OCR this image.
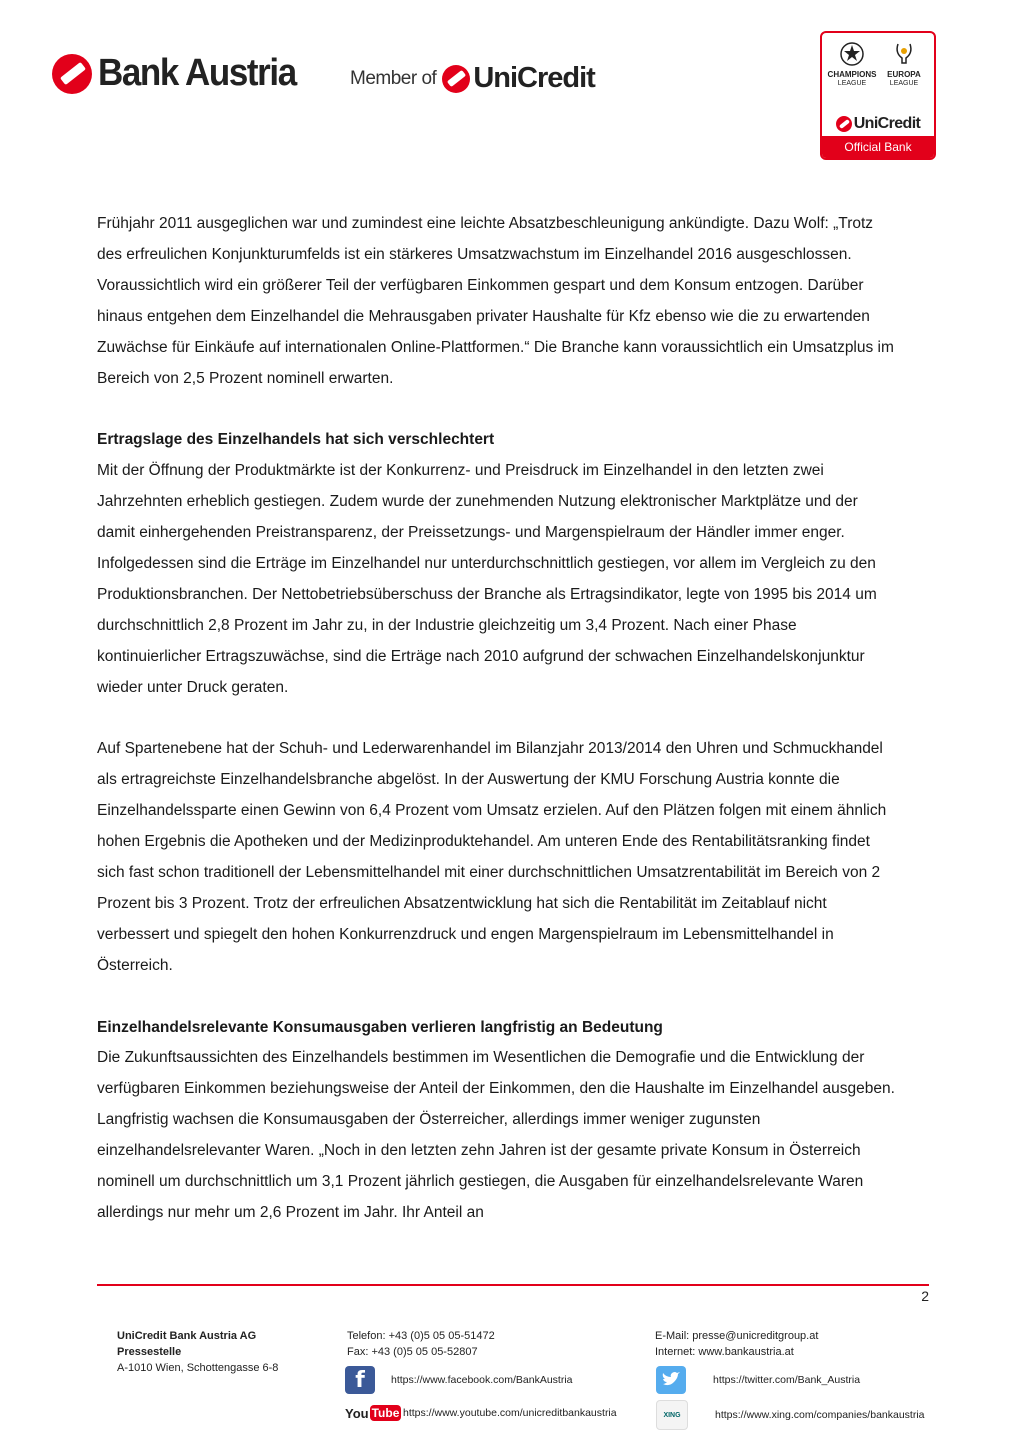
Bank Austria	Member of UniCredit	CHAMPIONS
LEAGUE
EUROPA
LEAGUE
UniCredit
Official Bank

Frühjahr 2011 ausgeglichen war und zumindest eine leichte Absatzbeschleunigung ankündigte. Dazu Wolf: „Trotz des erfreulichen Konjunkturumfelds ist ein stärkeres Umsatzwachstum im Einzelhandel 2016 ausgeschlossen. Voraussichtlich wird ein größerer Teil der verfügbaren Einkommen gespart und dem Konsum entzogen. Darüber hinaus entgehen dem Einzelhandel die Mehrausgaben privater Haushalte für Kfz ebenso wie die zu erwartenden Zuwächse für Einkäufe auf internationalen Online-Plattformen.“ Die Branche kann voraussichtlich ein Umsatzplus im Bereich von 2,5 Prozent nominell erwarten.

Ertragslage des Einzelhandels hat sich verschlechtert

Mit der Öffnung der Produktmärkte ist der Konkurrenz- und Preisdruck im Einzelhandel in den letzten zwei Jahrzehnten erheblich gestiegen. Zudem wurde der zunehmenden Nutzung elektronischer Marktplätze und der damit einhergehenden Preistransparenz, der Preissetzungs- und Margenspielraum der Händler immer enger. Infolgedessen sind die Erträge im Einzelhandel nur unterdurchschnittlich gestiegen, vor allem im Vergleich zu den Produktionsbranchen. Der Nettobetriebsüberschuss der Branche als Ertragsindikator, legte von 1995 bis 2014 um durchschnittlich 2,8 Prozent im Jahr zu, in der Industrie gleichzeitig um 3,4 Prozent. Nach einer Phase kontinuierlicher Ertragszuwächse, sind die Erträge nach 2010 aufgrund der schwachen Einzelhandelskonjunktur wieder unter Druck geraten.

Auf Spartenebene hat der Schuh- und Lederwarenhandel im Bilanzjahr 2013/2014 den Uhren und Schmuckhandel als ertragreichste Einzelhandelsbranche abgelöst. In der Auswertung der KMU Forschung Austria konnte die Einzelhandelssparte einen Gewinn von 6,4 Prozent vom Umsatz erzielen. Auf den Plätzen folgen mit einem ähnlich hohen Ergebnis die Apotheken und der Medizinproduktehandel. Am unteren Ende des Rentabilitätsranking findet sich fast schon traditionell der Lebensmittelhandel mit einer durchschnittlichen Umsatzrentabilität im Bereich von 2 Prozent bis 3 Prozent. Trotz der erfreulichen Absatzentwicklung hat sich die Rentabilität im Zeitablauf nicht verbessert und spiegelt den hohen Konkurrenzdruck und engen Margenspielraum im Lebensmittelhandel in Österreich.

Einzelhandelsrelevante Konsumausgaben verlieren langfristig an Bedeutung

Die Zukunftsaussichten des Einzelhandels bestimmen im Wesentlichen die Demografie und die Entwicklung der verfügbaren Einkommen beziehungsweise der Anteil der Einkommen, den die Haushalte im Einzelhandel ausgeben. Langfristig wachsen die Konsumausgaben der Österreicher, allerdings immer weniger zugunsten einzelhandelsrelevanter Waren. „Noch in den letzten zehn Jahren ist der gesamte private Konsum in Österreich nominell um durchschnittlich um 3,1 Prozent jährlich gestiegen, die Ausgaben für einzelhandelsrelevante Waren allerdings nur mehr um 2,6 Prozent im Jahr. Ihr Anteil an

2
UniCredit Bank Austria AG
Pressestelle
A-1010 Wien, Schottengasse 6-8
Telefon: +43 (0)5 05 05-51472
Fax: +43 (0)5 05 05-52807
E-Mail: presse@unicreditgroup.at
Internet: www.bankaustria.at
f https://www.facebook.com/BankAustria
You Tube https://www.youtube.com/unicreditbankaustria
https://twitter.com/Bank_Austria
XING	https://www.xing.com/companies/bankaustria
